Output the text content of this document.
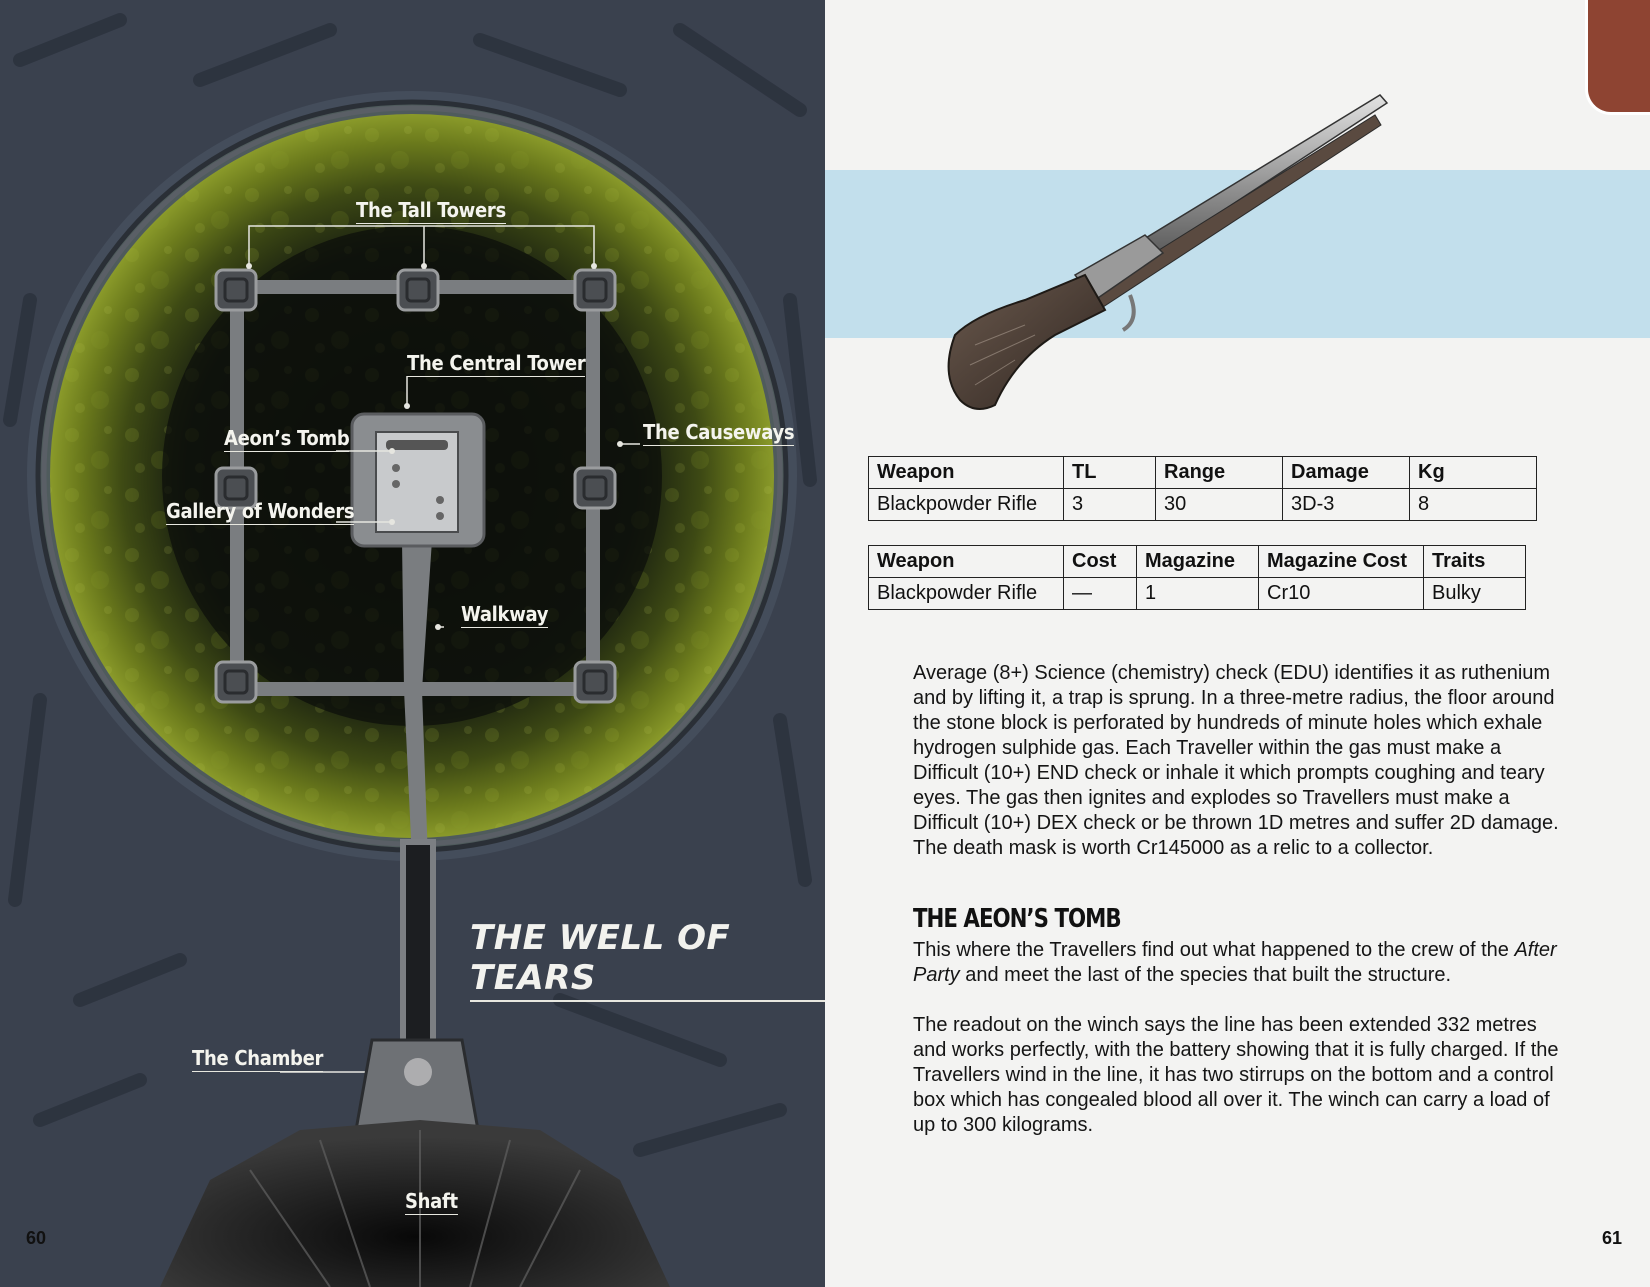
The Tall Towers
The Central Tower
Aeon’s Tomb	The Causeways
Gallery of Wonders
Walkway
The Chamber
Shaft
THE WELL OF TEARS
60
Weapon	TL	Range	Damage	Kg
Blackpowder Rifle	3	30	3D-3	8
Weapon	Cost	Magazine	Magazine Cost	Traits
Blackpowder Rifle	—	1	Cr10	Bulky

Average (8+) Science (chemistry) check (EDU) identifies it as ruthenium and by lifting it, a trap is sprung. In a three-metre radius, the floor around the stone block is perforated by hundreds of minute holes which exhale hydrogen sulphide gas. Each Traveller within the gas must make a Difficult (10+) END check or inhale it which prompts coughing and teary eyes. The gas then ignites and explodes so Travellers must make a Difficult (10+) DEX check or be thrown 1D metres and suffer 2D damage. The death mask is worth Cr145000 as a relic to a collector.

THE AEON’S TOMB

This where the Travellers find out what happened to the crew of the After Party and meet the last of the species that built the structure.

The readout on the winch says the line has been extended 332 metres and works perfectly, with the battery showing that it is fully charged. If the Travellers wind in the line, it has two stirrups on the bottom and a control box which has congealed blood all over it. The winch can carry a load of up to 300 kilograms.

61
